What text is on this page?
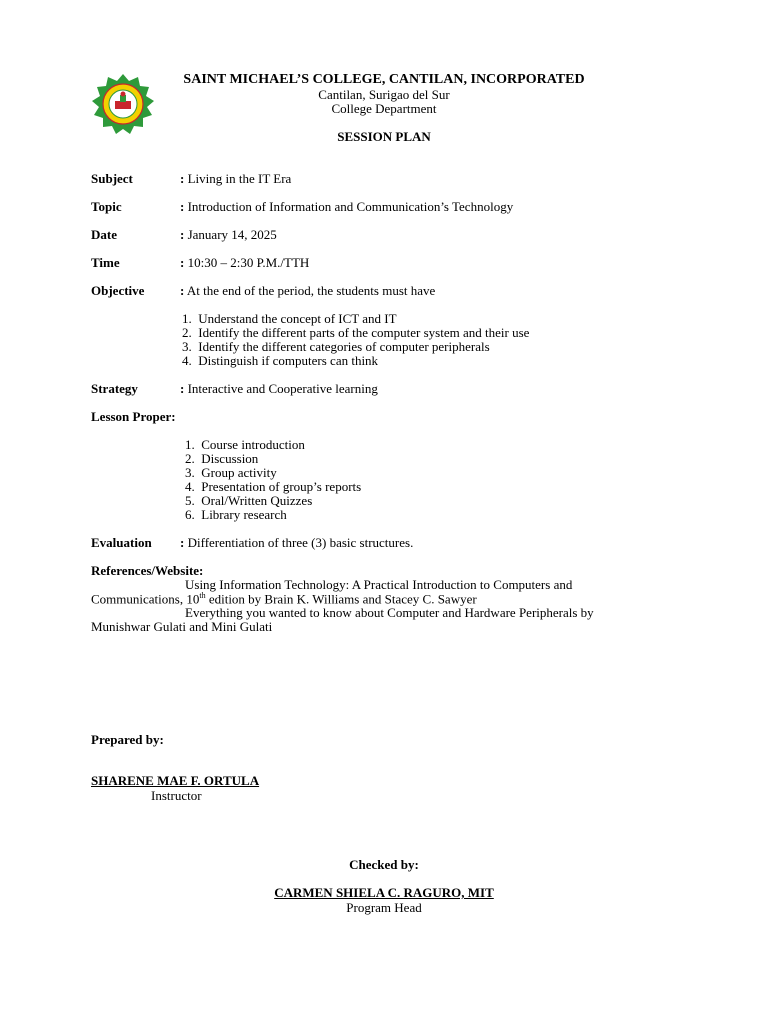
SAINT MICHAEL’S COLLEGE, CANTILAN, INCORPORATED
Cantilan, Surigao del Sur
College Department
SESSION PLAN
Subject	: Living in the IT Era
Topic	: Introduction of Information and Communication’s Technology
Date	: January 14, 2025
Time	: 10:30 – 2:30 P.M./TTH
Objective	: At the end of the period, the students must have
1. Understand the concept of ICT and IT
2. Identify the different parts of the computer system and their use
3. Identify the different categories of computer peripherals
4. Distinguish if computers can think
Strategy	: Interactive and Cooperative learning
Lesson Proper:
1. Course introduction
2. Discussion
3. Group activity
4. Presentation of group’s reports
5. Oral/Written Quizzes
6. Library research
Evaluation : Differentiation of three (3) basic structures.
References/Website:
Using Information Technology: A Practical Introduction to Computers and
Communications, 10th edition by Brain K. Williams and Stacey C. Sawyer
Everything you wanted to know about Computer and Hardware Peripherals by
Munishwar Gulati and Mini Gulati
Prepared by:
SHARENE MAE F. ORTULA
Instructor
Checked by:
CARMEN SHIELA C. RAGURO, MIT
Program Head
